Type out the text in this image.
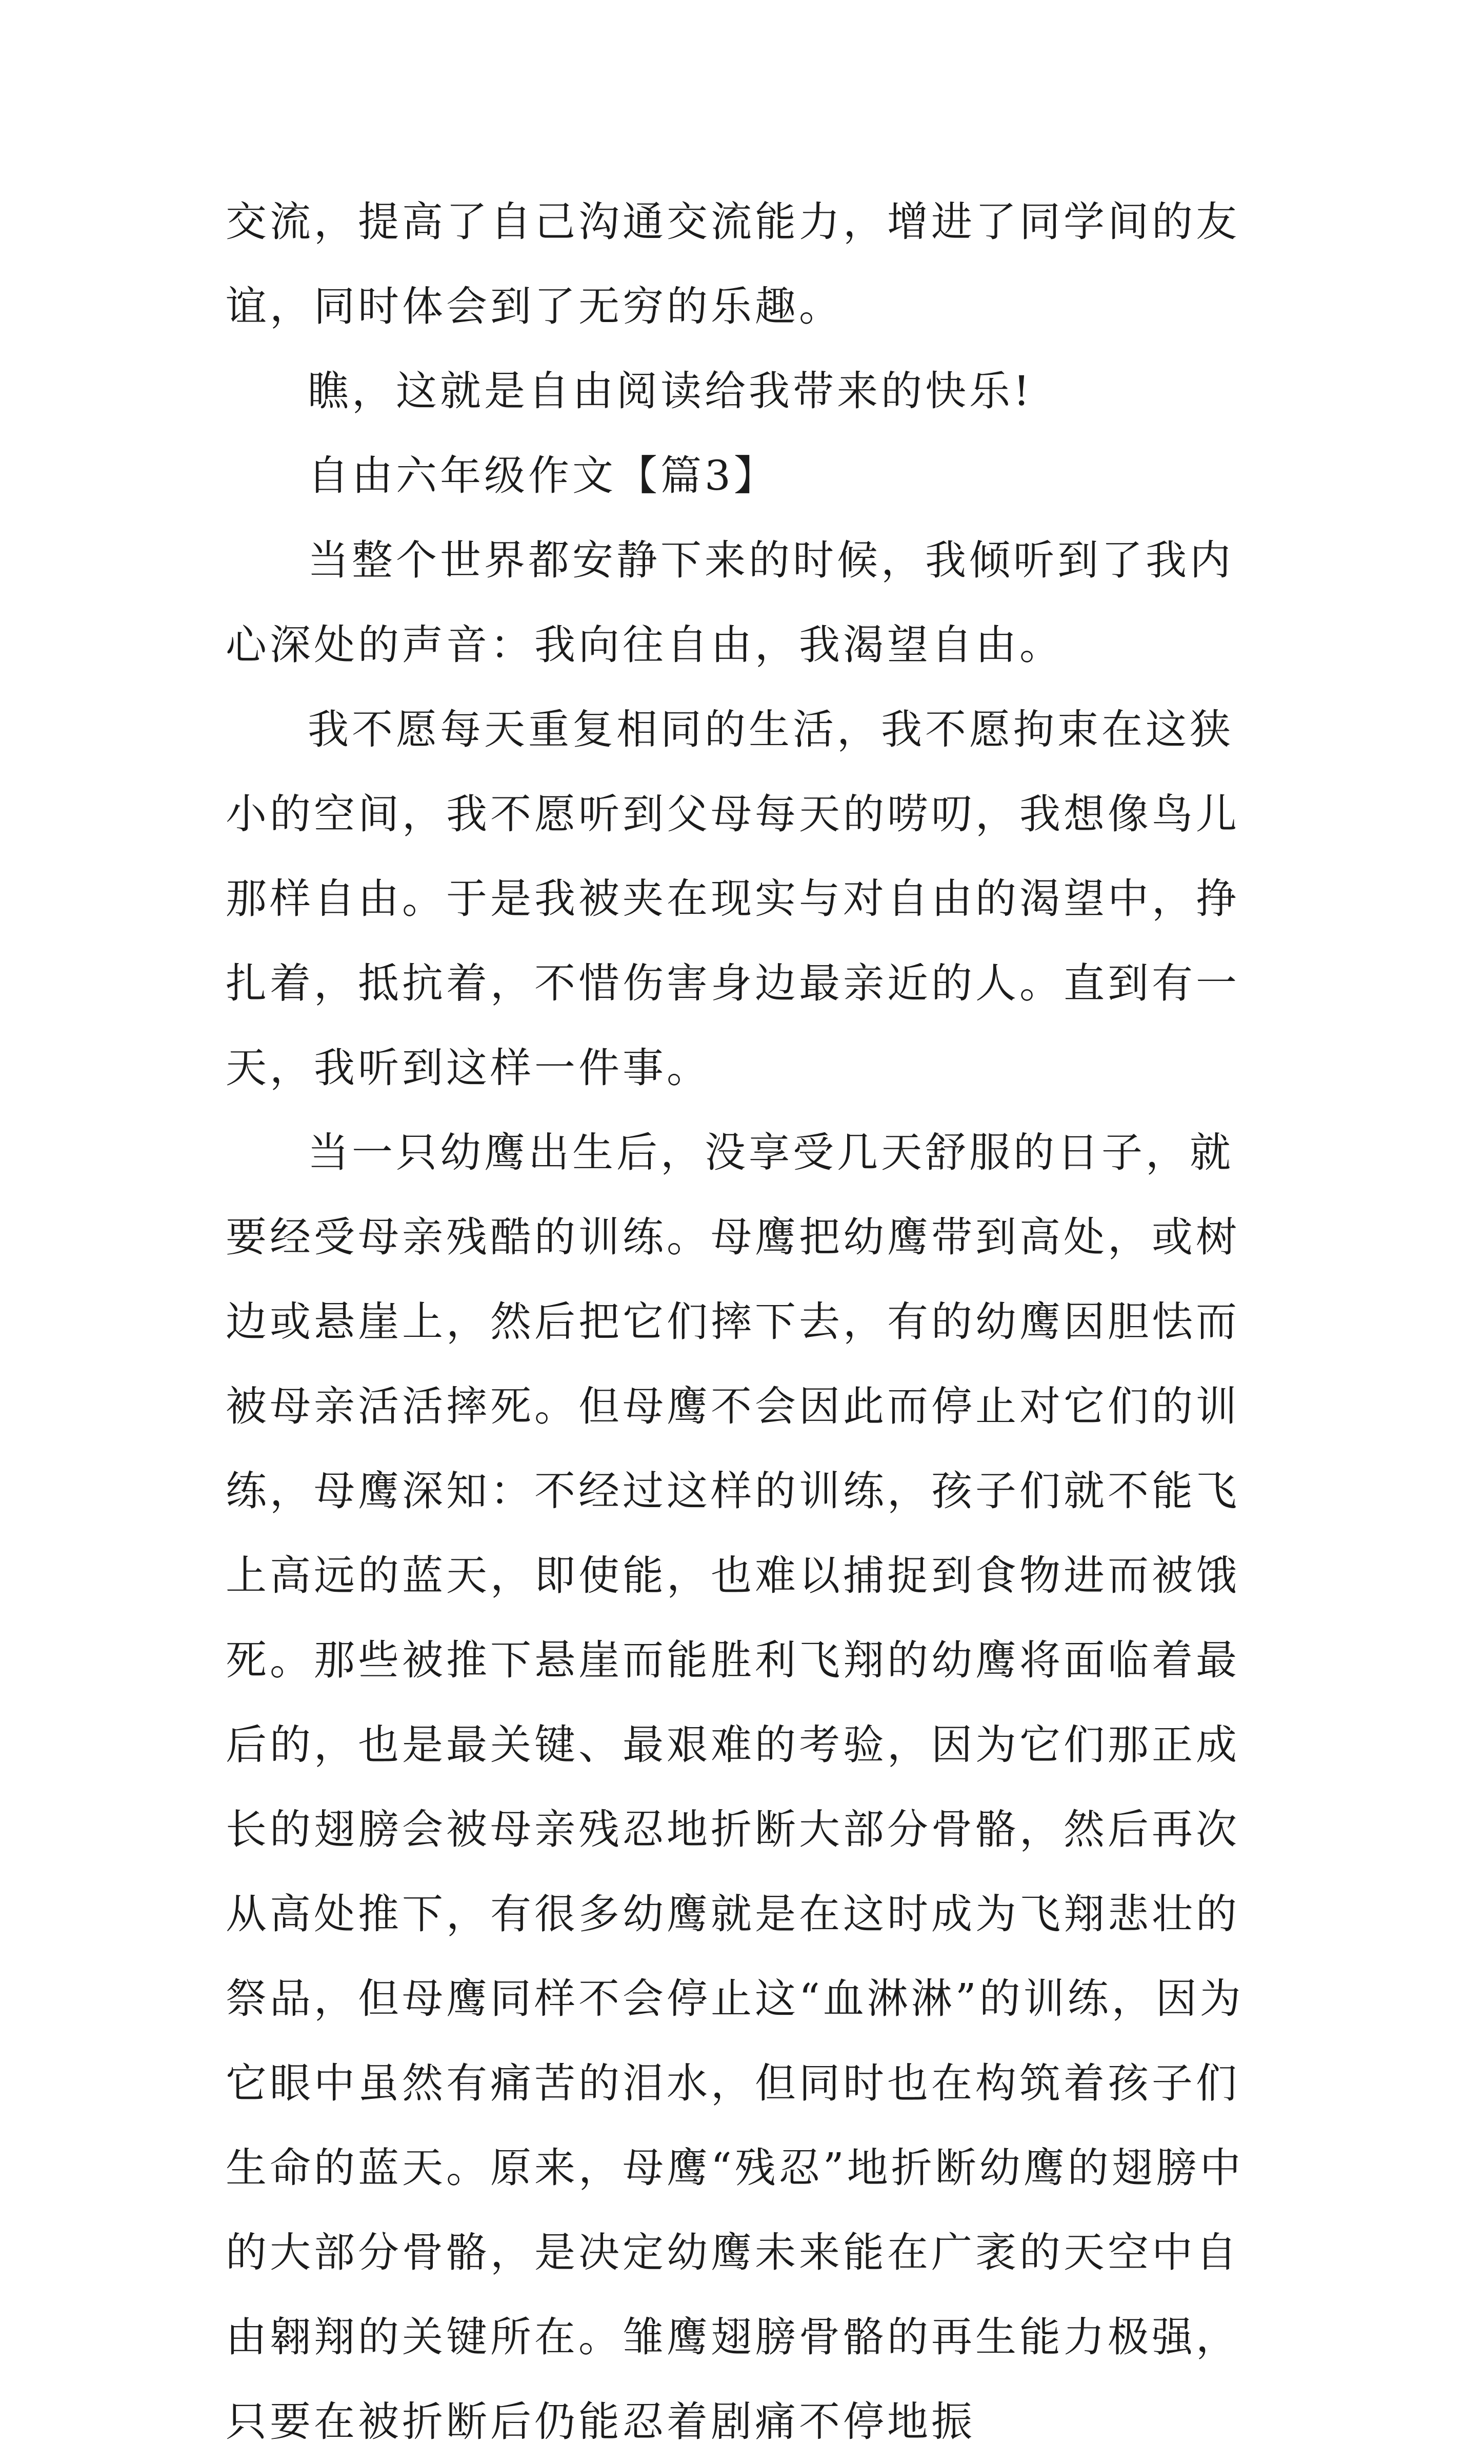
交流，提高了自己沟通交流能力，增进了同学间的友谊，同时体会到了无穷的乐趣。

瞧，这就是自由阅读给我带来的快乐!

自由六年级作文【篇3】

当整个世界都安静下来的时候，我倾听到了我内心深处的声音：我向往自由，我渴望自由。

我不愿每天重复相同的生活，我不愿拘束在这狭小的空间，我不愿听到父母每天的唠叨，我想像鸟儿那样自由。于是我被夹在现实与对自由的渴望中，挣扎着，抵抗着，不惜伤害身边最亲近的人。直到有一天，我听到这样一件事。

当一只幼鹰出生后，没享受几天舒服的日子，就要经受母亲残酷的训练。母鹰把幼鹰带到高处，或树边或悬崖上，然后把它们摔下去，有的幼鹰因胆怯而被母亲活活摔死。但母鹰不会因此而停止对它们的训练，母鹰深知：不经过这样的训练，孩子们就不能飞上高远的蓝天，即使能，也难以捕捉到食物进而被饿死。那些被推下悬崖而能胜利飞翔的幼鹰将面临着最后的，也是最关键、最艰难的考验，因为它们那正成长的翅膀会被母亲残忍地折断大部分骨骼，然后再次从高处推下，有很多幼鹰就是在这时成为飞翔悲壮的祭品，但母鹰同样不会停止这“血淋淋”的训练，因为它眼中虽然有痛苦的泪水，但同时也在构筑着孩子们生命的蓝天。原来，母鹰“残忍”地折断幼鹰的翅膀中的大部分骨骼，是决定幼鹰未来能在广袤的天空中自由翱翔的关键所在。雏鹰翅膀骨骼的再生能力极强，只要在被折断后仍能忍着剧痛不停地振
